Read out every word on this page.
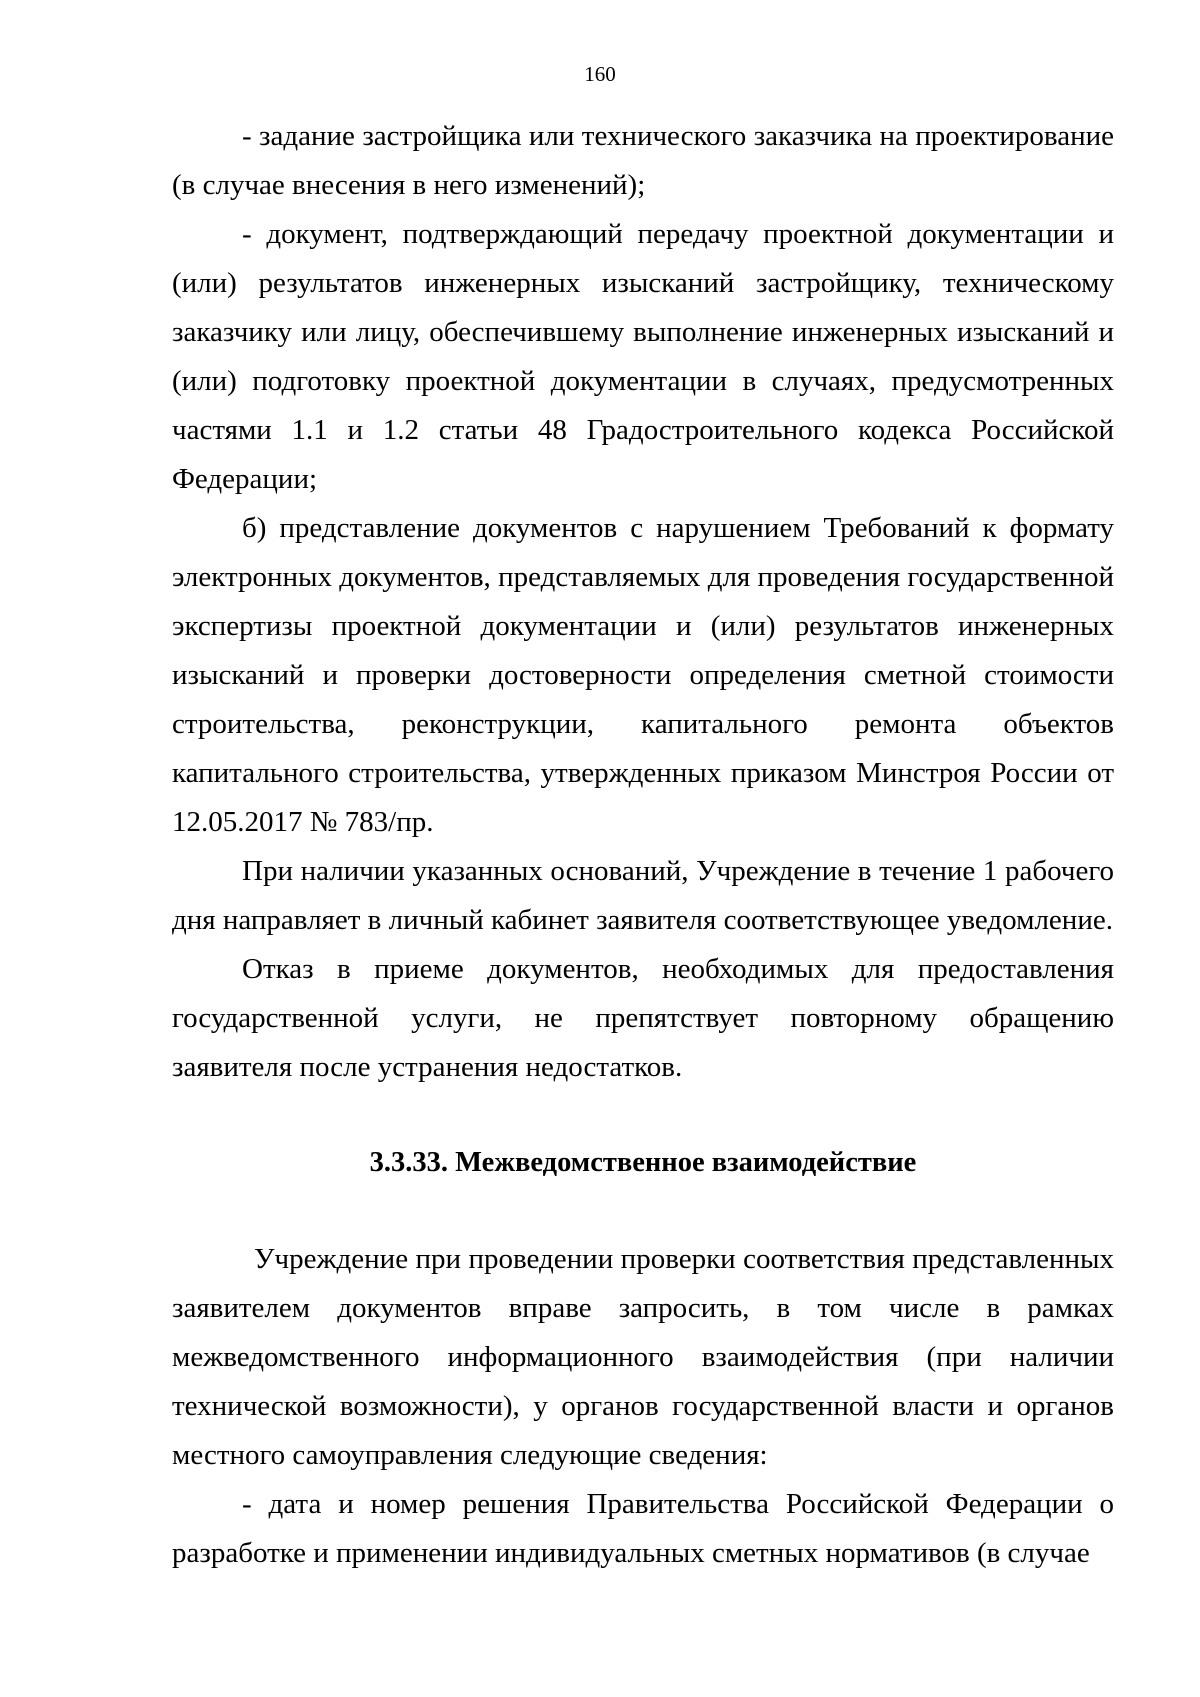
160

- задание застройщика или технического заказчика на проектирование (в случае внесения в него изменений);

- документ, подтверждающий передачу проектной документации и (или) результатов инженерных изысканий застройщику, техническому заказчику или лицу, обеспечившему выполнение инженерных изысканий и (или) подготовку проектной документации в случаях, предусмотренных частями 1.1 и 1.2 статьи 48 Градостроительного кодекса Российской Федерации;

б) представление документов с нарушением Требований к формату электронных документов, представляемых для проведения государственной экспертизы проектной документации и (или) результатов инженерных изысканий и проверки достоверности определения сметной стоимости строительства, реконструкции, капитального ремонта объектов капитального строительства, утвержденных приказом Минстроя России от 12.05.2017 № 783/пр.

При наличии указанных оснований, Учреждение в течение 1 рабочего дня направляет в личный кабинет заявителя соответствующее уведомление.

Отказ в приеме документов, необходимых для предоставления государственной услуги, не препятствует повторному обращению заявителя после устранения недостатков.

3.3.33. Межведомственное взаимодействие

Учреждение при проведении проверки соответствия представленных заявителем документов вправе запросить, в том числе в рамках межведомственного информационного взаимодействия (при наличии технической возможности), у органов государственной власти и органов местного самоуправления следующие сведения:

- дата и номер решения Правительства Российской Федерации о разработке и применении индивидуальных сметных нормативов (в случае
